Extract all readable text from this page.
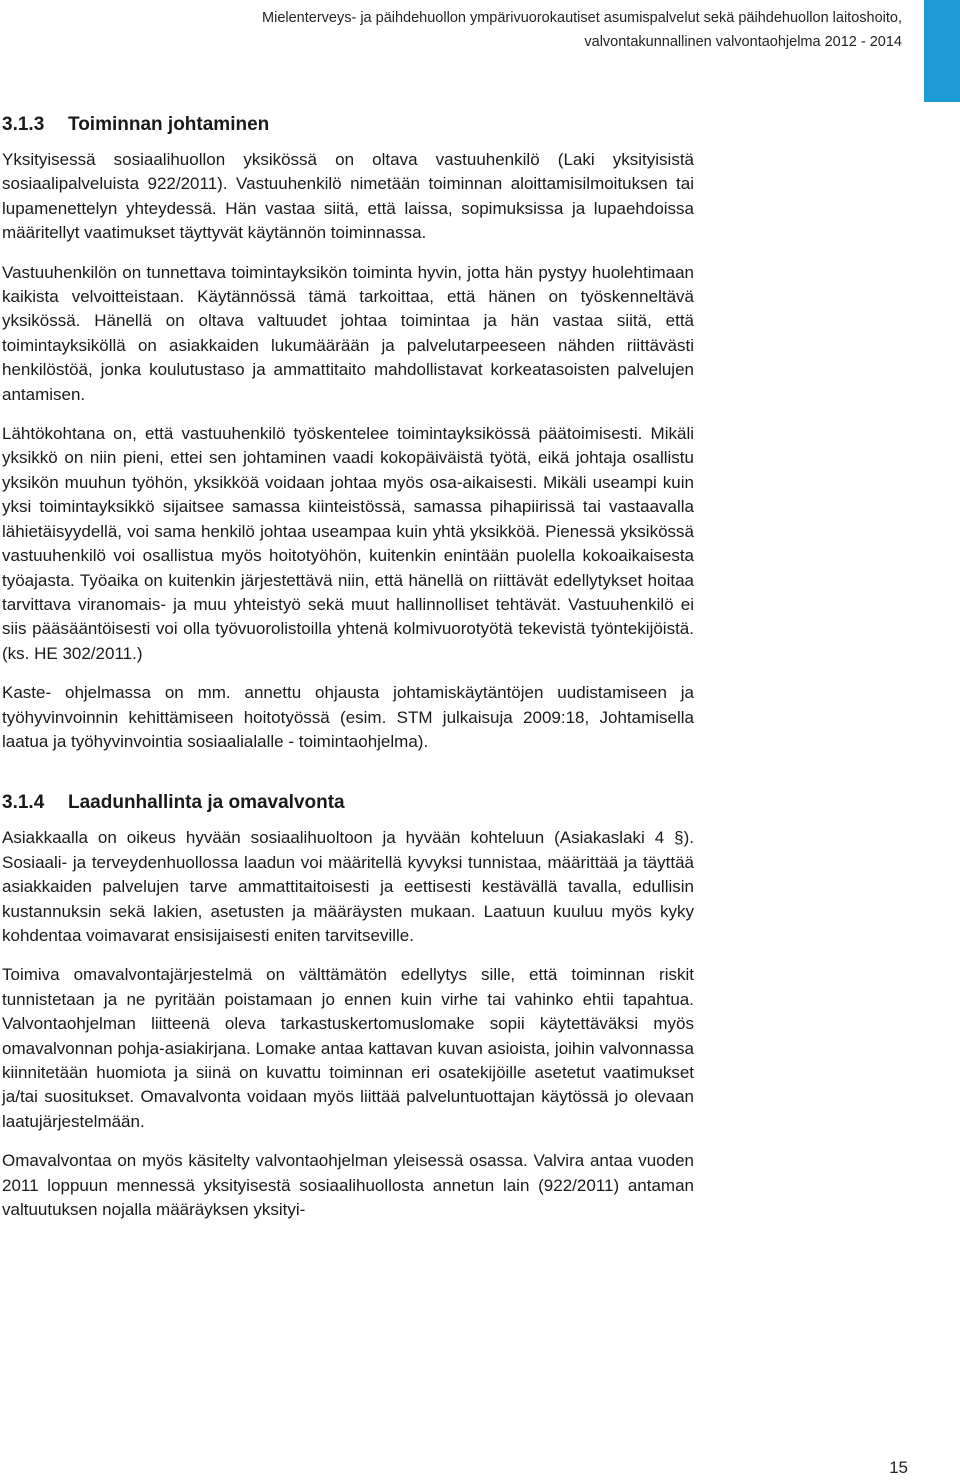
Mielenterveys- ja päihdehuollon ympärivuorokautiset asumispalvelut sekä päihdehuollon laitoshoito,
valvontakunnallinen valvontaohjelma 2012 - 2014
3.1.3 Toiminnan johtaminen

Yksityisessä sosiaalihuollon yksikössä on oltava vastuuhenkilö (Laki yksityisistä sosiaalipalveluista 922/2011). Vastuuhenkilö nimetään toiminnan aloittamisilmoituksen tai lupamenettelyn yhteydessä. Hän vastaa siitä, että laissa, sopimuksissa ja lupaehdoissa määritellyt vaatimukset täyttyvät käytännön toiminnassa.

Vastuuhenkilön on tunnettava toimintayksikön toiminta hyvin, jotta hän pystyy huolehtimaan kaikista velvoitteistaan. Käytännössä tämä tarkoittaa, että hänen on työskenneltävä yksikössä. Hänellä on oltava valtuudet johtaa toimintaa ja hän vastaa siitä, että toimintayksiköllä on asiakkaiden lukumäärään ja palvelutarpeeseen nähden riittävästi henkilöstöä, jonka koulutustaso ja ammattitaito mahdollistavat korkeatasoisten palvelujen antamisen.

Lähtökohtana on, että vastuuhenkilö työskentelee toimintayksikössä päätoimisesti. Mikäli yksikkö on niin pieni, ettei sen johtaminen vaadi kokopäiväistä työtä, eikä johtaja osallistu yksikön muuhun työhön, yksikköä voidaan johtaa myös osa-aikaisesti. Mikäli useampi kuin yksi toimintayksikkö sijaitsee samassa kiinteistössä, samassa pihapiirissä tai vastaavalla lähietäisyydellä, voi sama henkilö johtaa useampaa kuin yhtä yksikköä. Pienessä yksikössä vastuuhenkilö voi osallistua myös hoitotyöhön, kuitenkin enintään puolella kokoaikaisesta työajasta. Työaika on kuitenkin järjestettävä niin, että hänellä on riittävät edellytykset hoitaa tarvittava viranomais- ja muu yhteistyö sekä muut hallinnolliset tehtävät. Vastuuhenkilö ei siis pääsääntöisesti voi olla työvuorolistoilla yhtenä kolmivuorotyötä tekevistä työntekijöistä. (ks. HE 302/2011.)

Kaste- ohjelmassa on mm. annettu ohjausta johtamiskäytäntöjen uudistamiseen ja työhyvinvoinnin kehittämiseen hoitotyössä (esim. STM julkaisuja 2009:18, Johtamisella laatua ja työhyvinvointia sosiaalialalle - toimintaohjelma).

3.1.4 Laadunhallinta ja omavalvonta

Asiakkaalla on oikeus hyvään sosiaalihuoltoon ja hyvään kohteluun (Asiakaslaki 4 §). Sosiaali- ja terveydenhuollossa laadun voi määritellä kyvyksi tunnistaa, määrittää ja täyttää asiakkaiden palvelujen tarve ammattitaitoisesti ja eettisesti kestävällä tavalla, edullisin kustannuksin sekä lakien, asetusten ja määräysten mukaan. Laatuun kuuluu myös kyky kohdentaa voimavarat ensisijaisesti eniten tarvitseville.

Toimiva omavalvontajärjestelmä on välttämätön edellytys sille, että toiminnan riskit tunnistetaan ja ne pyritään poistamaan jo ennen kuin virhe tai vahinko ehtii tapahtua. Valvontaohjelman liitteenä oleva tarkastuskertomuslomake sopii käytettäväksi myös omavalvonnan pohja-asiakirjana. Lomake antaa kattavan kuvan asioista, joihin valvonnassa kiinnitetään huomiota ja siinä on kuvattu toiminnan eri osatekijöille asetetut vaatimukset ja/tai suositukset. Omavalvonta voidaan myös liittää palveluntuottajan käytössä jo olevaan laatujärjestelmään.

Omavalvontaa on myös käsitelty valvontaohjelman yleisessä osassa. Valvira antaa vuoden 2011 loppuun mennessä yksityisestä sosiaalihuollosta annetun lain (922/2011) antaman valtuutuksen nojalla määräyksen yksityi-

15
